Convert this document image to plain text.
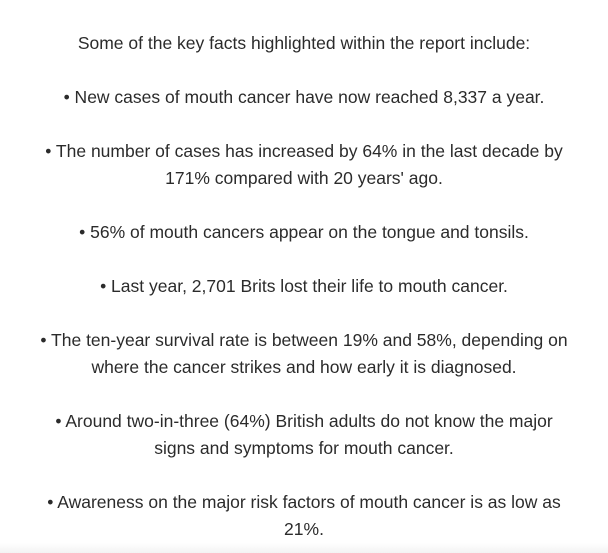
Some of the key facts highlighted within the report include:

• New cases of mouth cancer have now reached 8,337 a year.

• The number of cases has increased by 64% in the last decade by 171% compared with 20 years' ago.

• 56% of mouth cancers appear on the tongue and tonsils.

• Last year, 2,701 Brits lost their life to mouth cancer.

• The ten-year survival rate is between 19% and 58%, depending on where the cancer strikes and how early it is diagnosed.

• Around two-in-three (64%) British adults do not know the major signs and symptoms for mouth cancer.

• Awareness on the major risk factors of mouth cancer is as low as 21%.
